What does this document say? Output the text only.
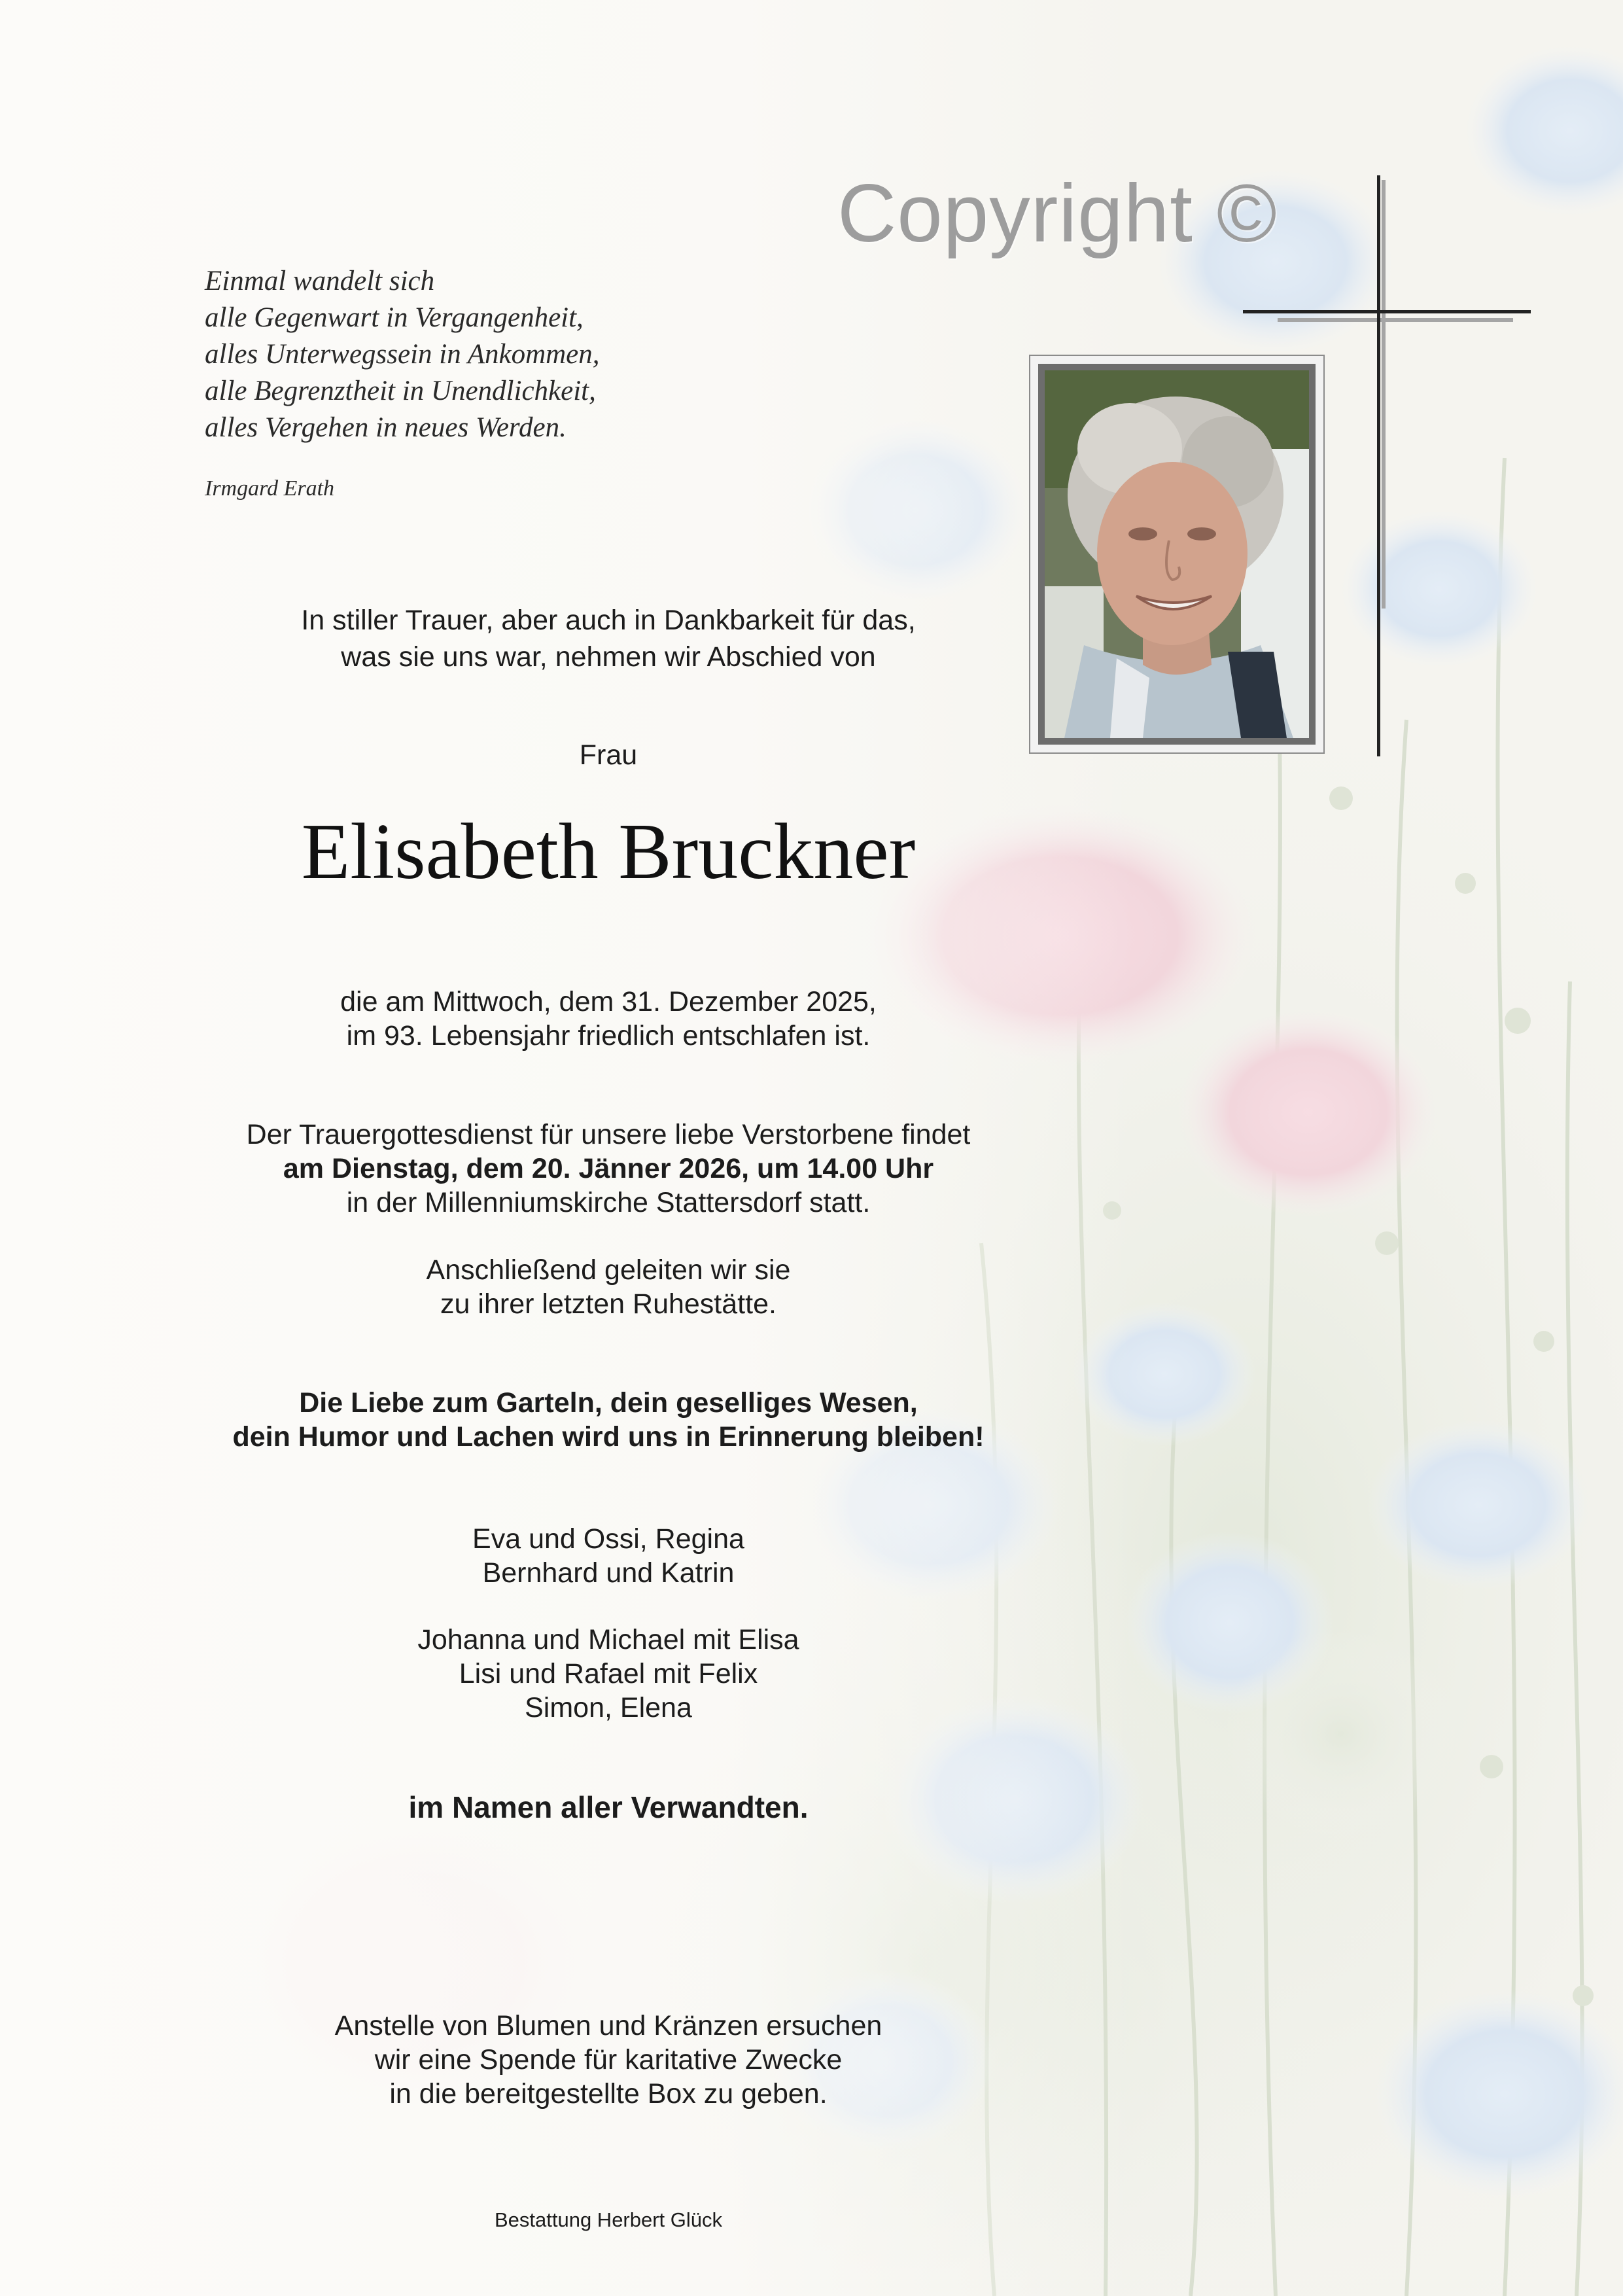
Copyright ©
Einmal wandelt sich
alle Gegenwart in Vergangenheit,
alles Unterwegssein in Ankommen,
alle Begrenztheit in Unendlichkeit,
alles Vergehen in neues Werden.
Irmgard Erath
In stiller Trauer, aber auch in Dankbarkeit für das,
was sie uns war, nehmen wir Abschied von
Frau
Elisabeth Bruckner
die am Mittwoch, dem 31. Dezember 2025,
im 93. Lebensjahr friedlich entschlafen ist.
Der Trauergottesdienst für unsere liebe Verstorbene findet
am Dienstag, dem 20. Jänner 2026, um 14.00 Uhr
in der Millenniumskirche Stattersdorf statt.
Anschließend geleiten wir sie
zu ihrer letzten Ruhestätte.
Die Liebe zum Garteln, dein geselliges Wesen,
dein Humor und Lachen wird uns in Erinnerung bleiben!
Eva und Ossi, Regina
Bernhard und Katrin
Johanna und Michael mit Elisa
Lisi und Rafael mit Felix
Simon, Elena
im Namen aller Verwandten.
Anstelle von Blumen und Kränzen ersuchen
wir eine Spende für karitative Zwecke
in die bereitgestellte Box zu geben.
Bestattung Herbert Glück
